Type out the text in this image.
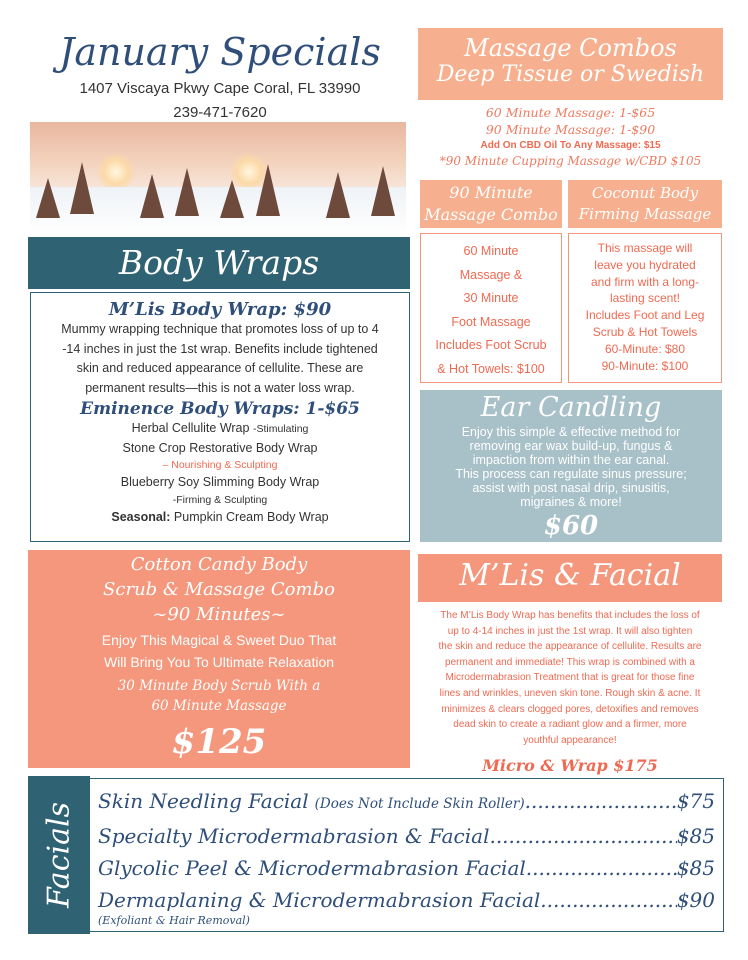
January Specials
1407 Viscaya Pkwy Cape Coral, FL 33990
239-471-7620
Massage Combos
Deep Tissue or Swedish
60 Minute Massage: 1-$65
90 Minute Massage: 1-$90
Add On CBD Oil To Any Massage: $15
*90 Minute Cupping Massage w/CBD $105
90 Minute
Massage Combo
Coconut Body
Firming Massage
60 Minute
Massage &
30 Minute
Foot Massage
Includes Foot Scrub
& Hot Towels: $100
This massage will
leave you hydrated
and firm with a long-
lasting scent!
Includes Foot and Leg
Scrub & Hot Towels
60-Minute: $80
90-Minute: $100
Ear Candling
Enjoy this simple & effective method for
removing ear wax build-up, fungus &
impaction from within the ear canal.
This process can regulate sinus pressure;
assist with post nasal drip, sinusitis,
migraines & more!
$60
M’Lis & Facial
The M’Lis Body Wrap has benefits that includes the loss of
up to 4-14 inches in just the 1st wrap. It will also tighten
the skin and reduce the appearance of cellulite. Results are
permanent and immediate! This wrap is combined with a
Microdermabrasion Treatment that is great for those fine
lines and wrinkles, uneven skin tone. Rough skin & acne. It
minimizes & clears clogged pores, detoxifies and removes
dead skin to create a radiant glow and a firmer, more
youthful appearance!
Micro & Wrap $175
Body Wraps
M’Lis Body Wrap: $90
Mummy wrapping technique that promotes loss of up to 4
-14 inches in just the 1st wrap. Benefits include tightened
skin and reduced appearance of cellulite. These are
permanent results—this is not a water loss wrap.
Eminence Body Wraps: 1-$65
Herbal Cellulite Wrap -Stimulating
Stone Crop Restorative Body Wrap
– Nourishing & Sculpting
Blueberry Soy Slimming Body Wrap
-Firming & Sculpting
Seasonal: Pumpkin Cream Body Wrap
Cotton Candy Body
Scrub & Massage Combo
~90 Minutes~
Enjoy This Magical & Sweet Duo That
Will Bring You To Ultimate Relaxation
30 Minute Body Scrub With a
60 Minute Massage
$125
Facials
Skin Needling Facial (Does Not Include Skin Roller) .....	$75
Specialty Microdermabrasion & Facial .....	$85
Glycolic Peel & Microdermabrasion Facial .....	$85
Dermaplaning & Microdermabrasion Facial .....	$90
(Exfoliant & Hair Removal)
